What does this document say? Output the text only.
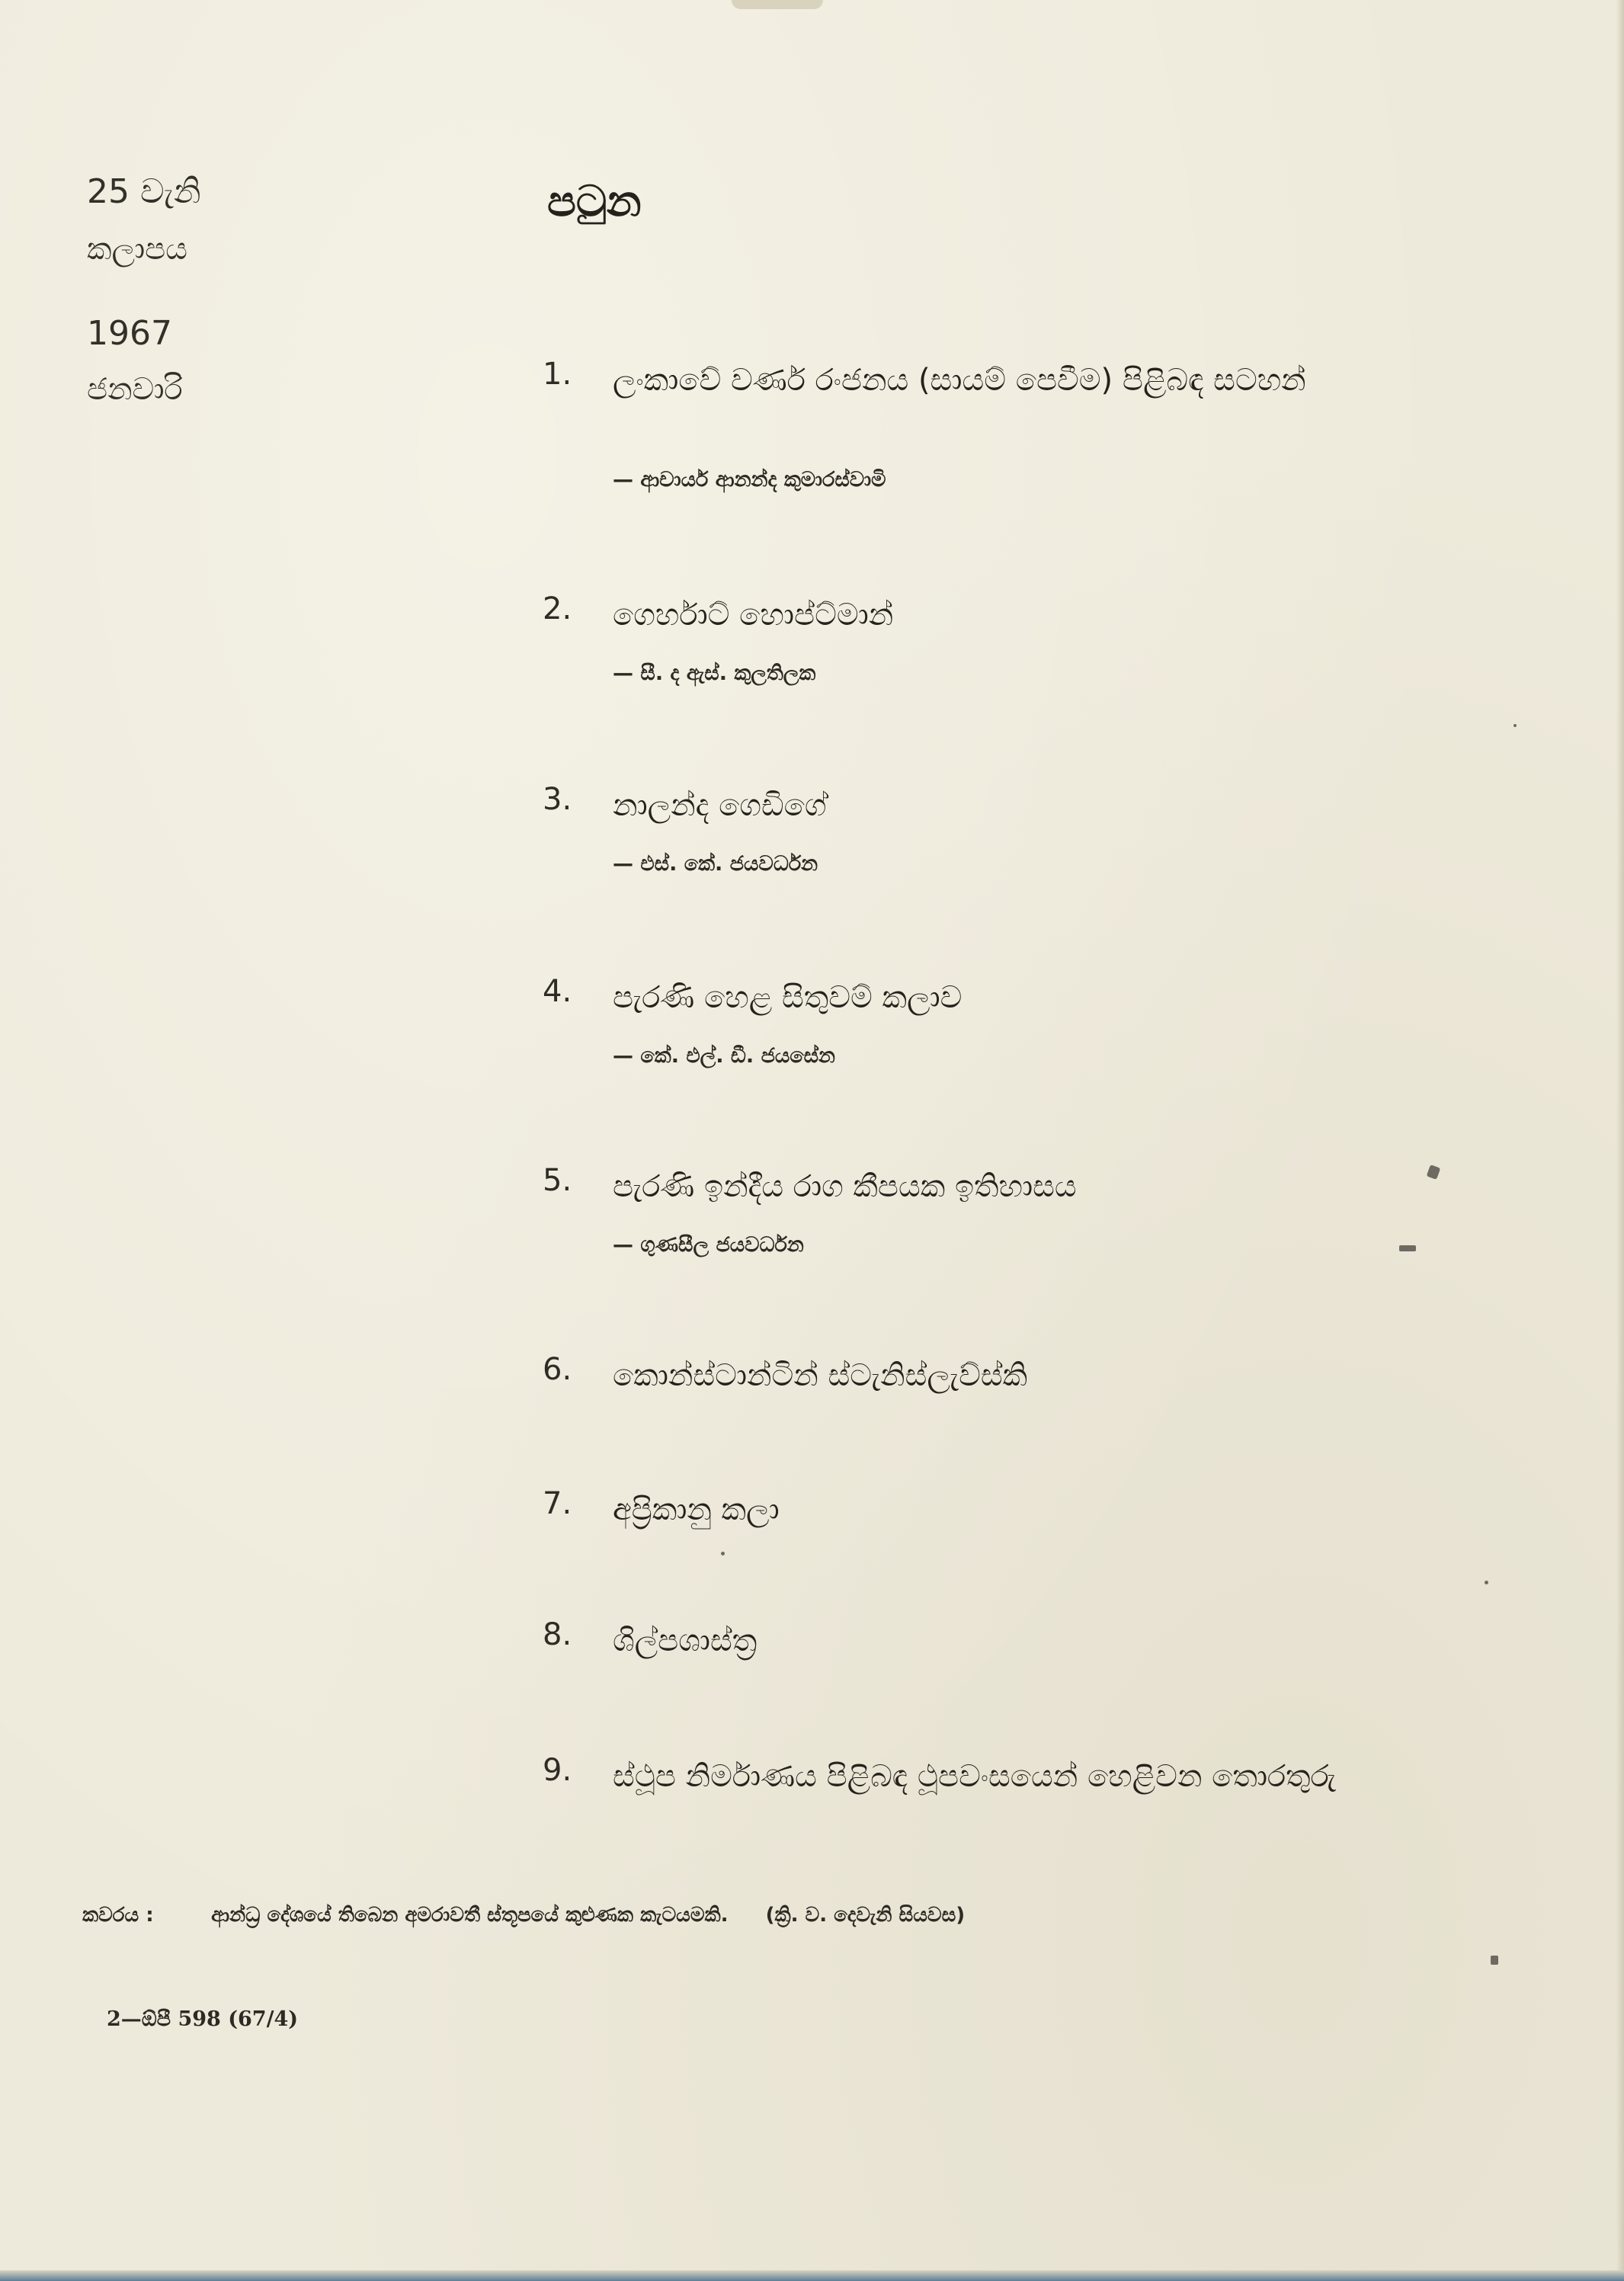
25 වැනි
කලාපය
1967
ජනවාරි
පටුන
1.	ලංකාවේ වර්ණ රංජනය (සායම් පෙවීම) පිළිබඳ සටහන්
— ආචාර්ය ආනන්ද කුමාරස්වාමි
2.	ගෙර්හාට් හොප්ට්මාන්
— සී. ද ඇස්. කුලතිලක
3.	නාලන්ද ගෙඩිගේ
— එස්. කේ. ජයවර්ධන
4.	පැරණි හෙළ සිතුවම් කලාව
— කේ. එල්. ඩී. ජයසේන
5.	පැරණි ඉන්දීය රාග කීපයක ඉතිහාසය
— ගුණසීල ජයවර්ධන
6.	කොන්ස්ටාන්ටින් ස්ටැනිස්ලැව්ස්කි
7.	අප්‍රිකානු කලා
8.	ශිල්පශාස්ත්‍ර
9.	ස්ථූප නිර්මාණය පිළිබඳ ථූපවංසයෙන් හෙළිවන තොරතුරු
කවරය :	ආන්ධ්‍ර දේශයේ තිබෙන අමරාවතී ස්තූපයේ කුළුණක කැටයමකි. (ක්‍රි. ව. දෙවැනි සියවස)
2—ඕපී 598 (67/4)
